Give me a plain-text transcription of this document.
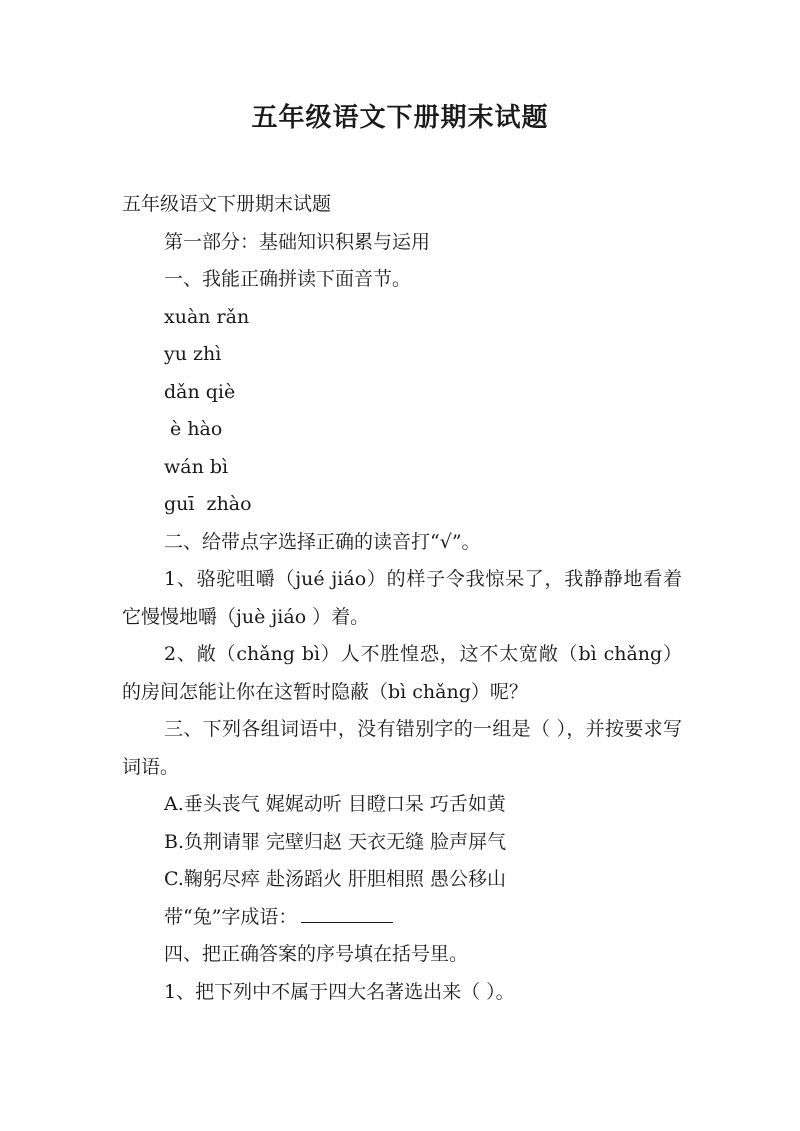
五年级语文下册期末试题

五年级语文下册期末试题

第一部分：基础知识积累与运用

一、我能正确拼读下面音节。

xuàn rǎn

yu zhì

dǎn qiè

è hào

wán bì

guī  zhào

二、给带点字选择正确的读音打“√”。

1、骆驼咀嚼（jué jiáo）的样子令我惊呆了，我静静地看着它慢慢地嚼（juè jiáo ）着。

2、敞（chǎng bì）人不胜惶恐，这不太宽敞（bì chǎng）的房间怎能让你在这暂时隐蔽（bì chǎng）呢？

三、下列各组词语中，没有错别字的一组是（ ），并按要求写词语。

A.垂头丧气 娓娓动听 目瞪口呆 巧舌如黄

B.负荆请罪 完壁归赵 天衣无缝 脸声屏气

C.鞠躬尽瘁 赴汤蹈火 肝胆相照 愚公移山

带“兔”字成语：

四、把正确答案的序号填在括号里。

1、把下列中不属于四大名著选出来（ ）。
